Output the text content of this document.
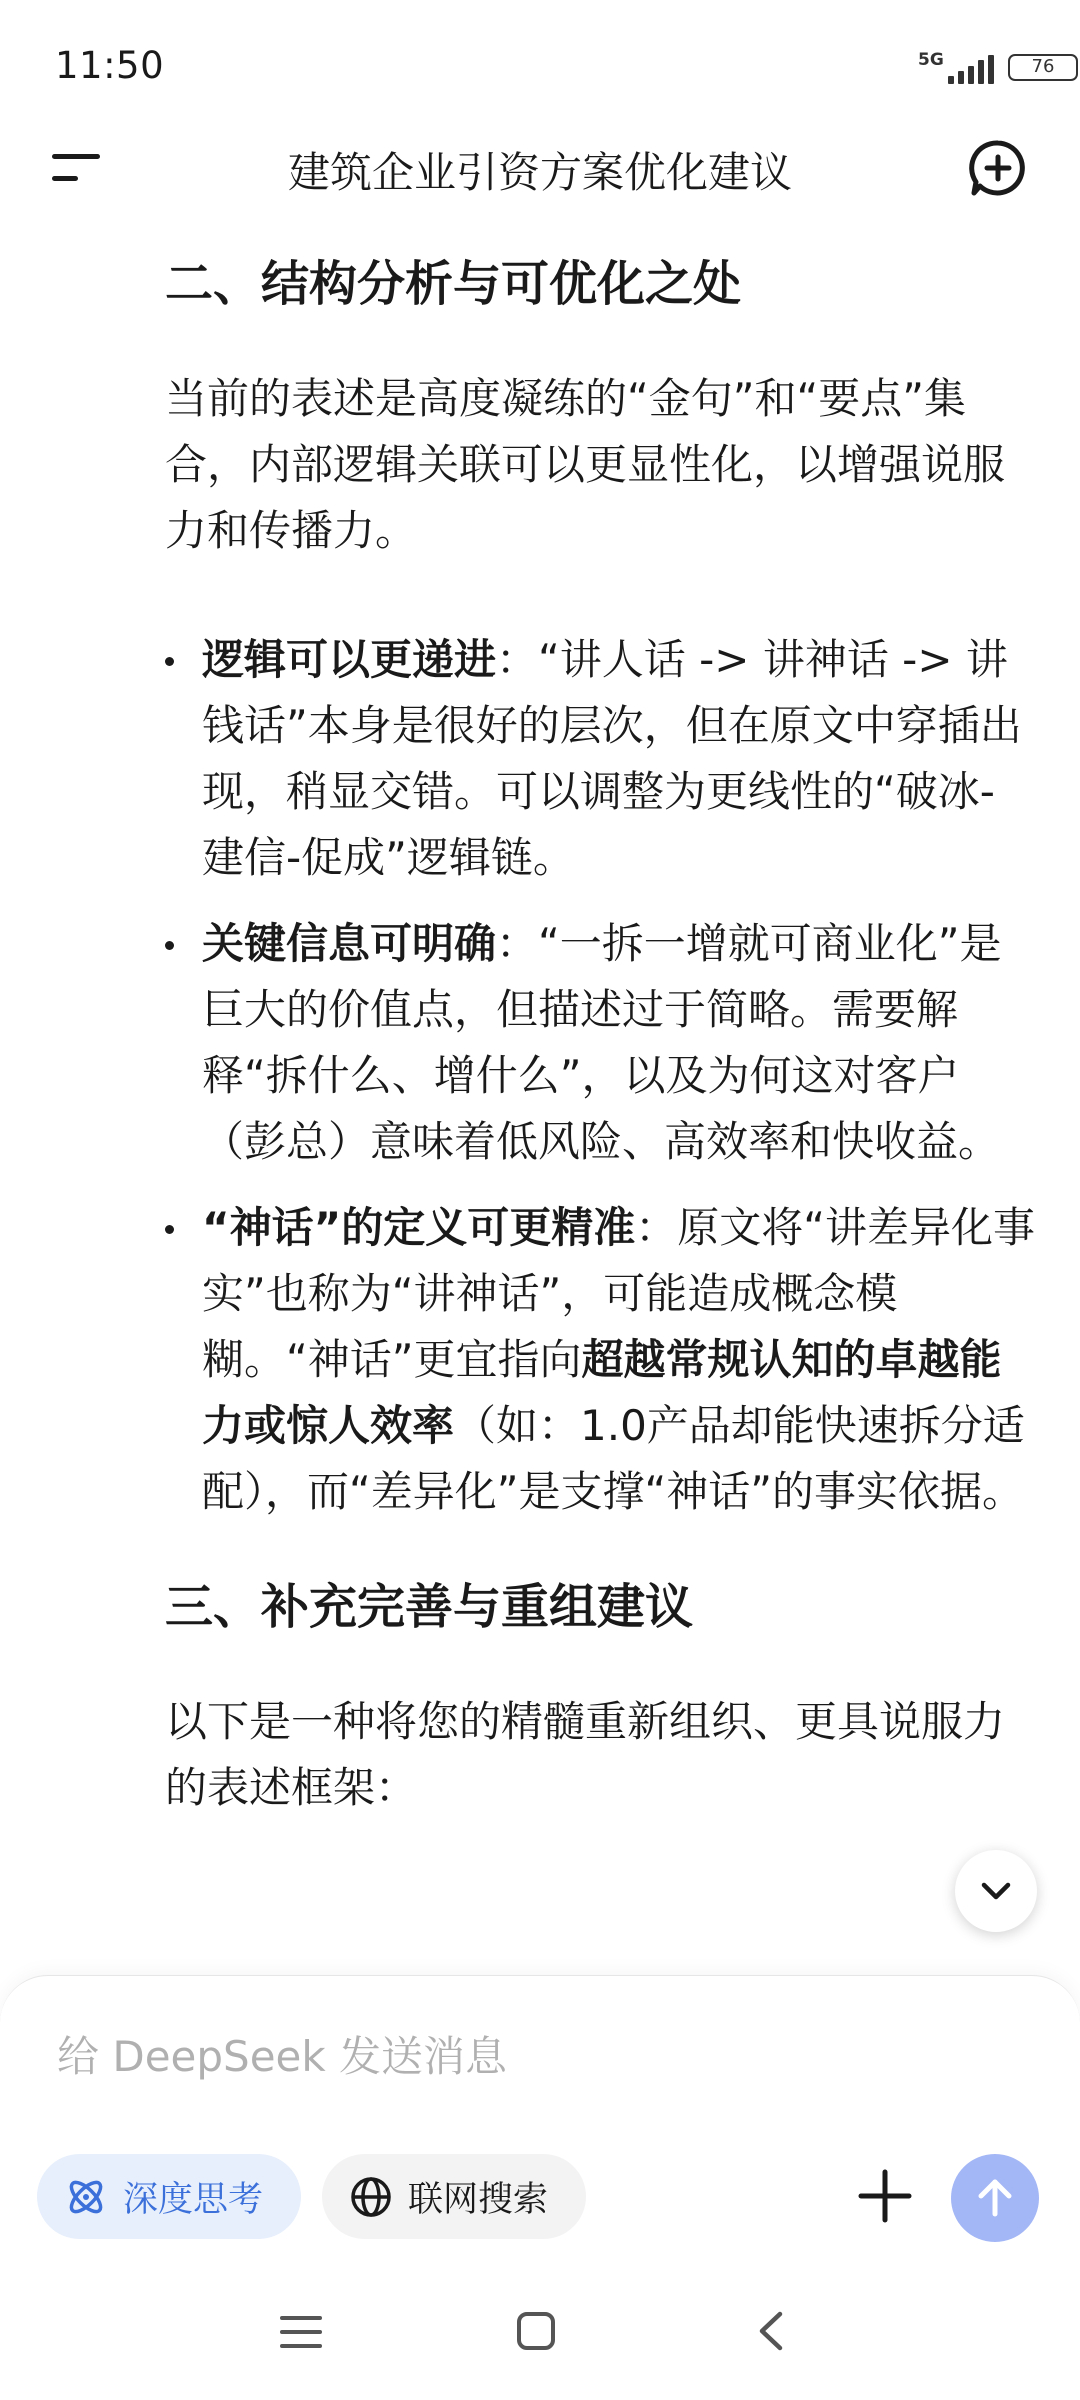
11:50	5G	76
建筑企业引资方案优化建议
二、结构分析与可优化之处

当前的表述是高度凝练的“金句”和“要点”集合，内部逻辑关联可以更显性化，以增强说服力和传播力。

逻辑可以更递进：“讲人话 -> 讲神话 -> 讲钱话”本身是很好的层次，但在原文中穿插出现，稍显交错。可以调整为更线性的“破冰-建信-促成”逻辑链。
关键信息可明确：“一拆一增就可商业化”是巨大的价值点，但描述过于简略。需要解释“拆什么、增什么”，以及为何这对客户（彭总）意味着低风险、高效率和快收益。
“神话”的定义可更精准：原文将“讲差异化事实”也称为“讲神话”，可能造成概念模糊。“神话”更宜指向超越常规认知的卓越能力或惊人效率（如：1.0产品却能快速拆分适配），而“差异化”是支撑“神话”的事实依据。
三、补充完善与重组建议

以下是一种将您的精髓重新组织、更具说服力的表述框架：

给 DeepSeek 发送消息
深度思考	联网搜索
